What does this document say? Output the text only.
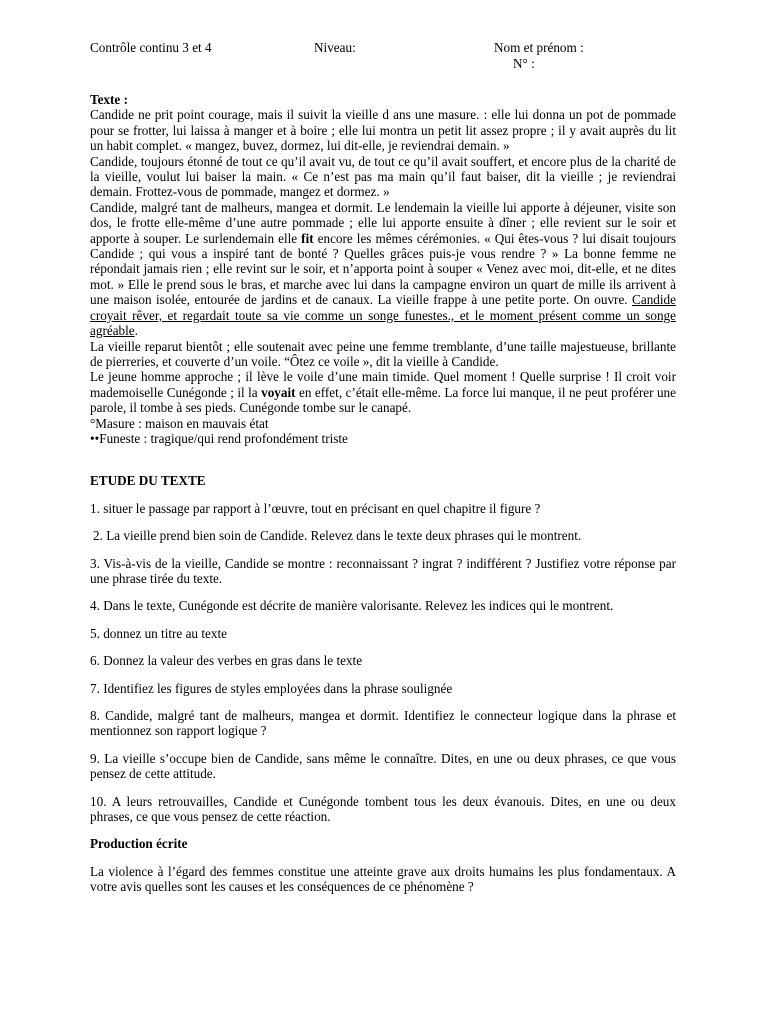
Contrôle continu 3 et 4	Niveau:	Nom et prénom :
N° :

Texte :

Candide ne prit point courage, mais il suivit la vieille d ans une masure. : elle lui donna un pot de pommade pour se frotter, lui laissa à manger et à boire ; elle lui montra un petit lit assez propre ; il y avait auprès du lit un habit complet. « mangez, buvez, dormez, lui dit-elle, je reviendrai demain. »

Candide, toujours étonné de tout ce qu’il avait vu, de tout ce qu’il avait souffert, et encore plus de la charité de la vieille, voulut lui baiser la main. « Ce n’est pas ma main qu’il faut baiser, dit la vieille ; je reviendrai demain. Frottez-vous de pommade, mangez et dormez. »

Candide, malgré tant de malheurs, mangea et dormit. Le lendemain la vieille lui apporte à déjeuner, visite son dos, le frotte elle-même d’une autre pommade ; elle lui apporte ensuite à dîner ; elle revient sur le soir et apporte à souper. Le surlendemain elle fit encore les mêmes cérémonies. « Qui êtes-vous ? lui disait toujours Candide ; qui vous a inspiré tant de bonté ? Quelles grâces puis-je vous rendre ? » La bonne femme ne répondait jamais rien ; elle revint sur le soir, et n’apporta point à souper « Venez avec moi, dit-elle, et ne dites mot. » Elle le prend sous le bras, et marche avec lui dans la campagne environ un quart de mille ils arrivent à une maison isolée, entourée de jardins et de canaux. La vieille frappe à une petite porte. On ouvre. Candide croyait rêver, et regardait toute sa vie comme un songe funestes., et le moment présent comme un songe agréable.

La vieille reparut bientôt ; elle soutenait avec peine une femme tremblante, d’une taille majestueuse, brillante de pierreries, et couverte d’un voile. “Ôtez ce voile », dit la vieille à Candide.

Le jeune homme approche ; il lève le voile d’une main timide. Quel moment ! Quelle surprise ! Il croit voir mademoiselle Cunégonde ; il la voyait en effet, c’était elle-même. La force lui manque, il ne peut proférer une parole, il tombe à ses pieds. Cunégonde tombe sur le canapé.

°Masure : maison en mauvais état

••Funeste : tragique/qui rend profondément triste

ETUDE DU TEXTE

1. situer le passage par rapport à l’œuvre, tout en précisant en quel chapitre il figure ?

2. La vieille prend bien soin de Candide. Relevez dans le texte deux phrases qui le montrent.

3. Vis-à-vis de la vieille, Candide se montre : reconnaissant ? ingrat ? indifférent ? Justifiez votre réponse par une phrase tirée du texte.

4. Dans le texte, Cunégonde est décrite de manière valorisante. Relevez les indices qui le montrent.

5. donnez un titre au texte

6. Donnez la valeur des verbes en gras dans le texte

7. Identifiez les figures de styles employées dans la phrase soulignée

8. Candide, malgré tant de malheurs, mangea et dormit. Identifiez le connecteur logique dans la phrase et mentionnez son rapport logique ?

9. La vieille s’occupe bien de Candide, sans même le connaître. Dites, en une ou deux phrases, ce que vous pensez de cette attitude.

10. A leurs retrouvailles, Candide et Cunégonde tombent tous les deux évanouis. Dites, en une ou deux phrases, ce que vous pensez de cette réaction.

Production écrite

La violence à l’égard des femmes constitue une atteinte grave aux droits humains les plus fondamentaux. A votre avis quelles sont les causes et les conséquences de ce phénomène ?
